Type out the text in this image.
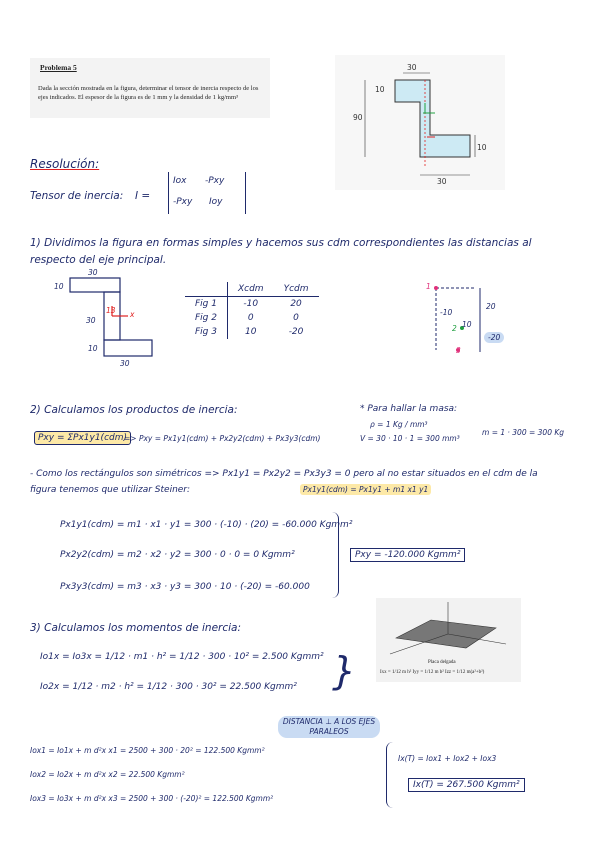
Problema 5
Dada la sección mostrada en la figura, determinar el tensor de inercia respecto de los ejes indicados. El espesor de la figura es de 1 mm y la densidad de 1 kg/mm³
30
90
10
30
10
Resolución:
Tensor de inercia: I =
Iox -Pxy
-Pxy Ioy
1) Dividimos la figura en formas simples y hacemos sus cdm correspondientes las distancias al respecto del eje principal.
30
10
30
10
30
13 x
	Xcdm	Ycdm
Fig 1	-10	20
Fig 2	0	0
Fig 3	10	-20
1
2
3
-10
10
20
-20
2) Calculamos los productos de inercia:	* Para hallar la masa:
Pxy = ΣPx1y1(cdm)
=> Pxy = Px1y1(cdm) + Px2y2(cdm) + Px3y3(cdm)
ρ = 1 Kg / mm³
V = 30 · 10 · 1 = 300 mm³
m = 1 · 300 = 300 Kg
- Como los rectángulos son simétricos => Px1y1 = Px2y2 = Px3y3 = 0 pero al no estar situados en el cdm de la figura tenemos que utilizar Steiner:	Px1y1(cdm) = Px1y1 + m1 x1 y1
Px1y1(cdm) = m1 · x1 · y1 = 300 · (-10) · (20) = -60.000 Kgmm²
Px2y2(cdm) = m2 · x2 · y2 = 300 · 0 · 0 = 0 Kgmm²
Px3y3(cdm) = m3 · x3 · y3 = 300 · 10 · (-20) = -60.000
Pxy = -120.000 Kgmm²
3) Calculamos los momentos de inercia:
Placa delgada
Ixx = 1/12 m h² Iyy = 1/12 m b² Izz = 1/12 m(a²+b²)
Io1x = Io3x = 1/12 · m1 · h² = 1/12 · 300 · 10² = 2.500 Kgmm²
Io2x = 1/12 · m2 · h² = 1/12 · 300 · 30² = 22.500 Kgmm² }
DISTANCIA ⊥ A LOS EJES PARALEOS
Iox1 = Io1x + m d²x x1 = 2500 + 300 · 20² = 122.500 Kgmm²
Iox2 = Io2x + m d²x x2 = 22.500 Kgmm²
Iox3 = Io3x + m d²x x3 = 2500 + 300 · (-20)² = 122.500 Kgmm²
Ix(T) = Iox1 + Iox2 + Iox3
Ix(T) = 267.500 Kgmm²
